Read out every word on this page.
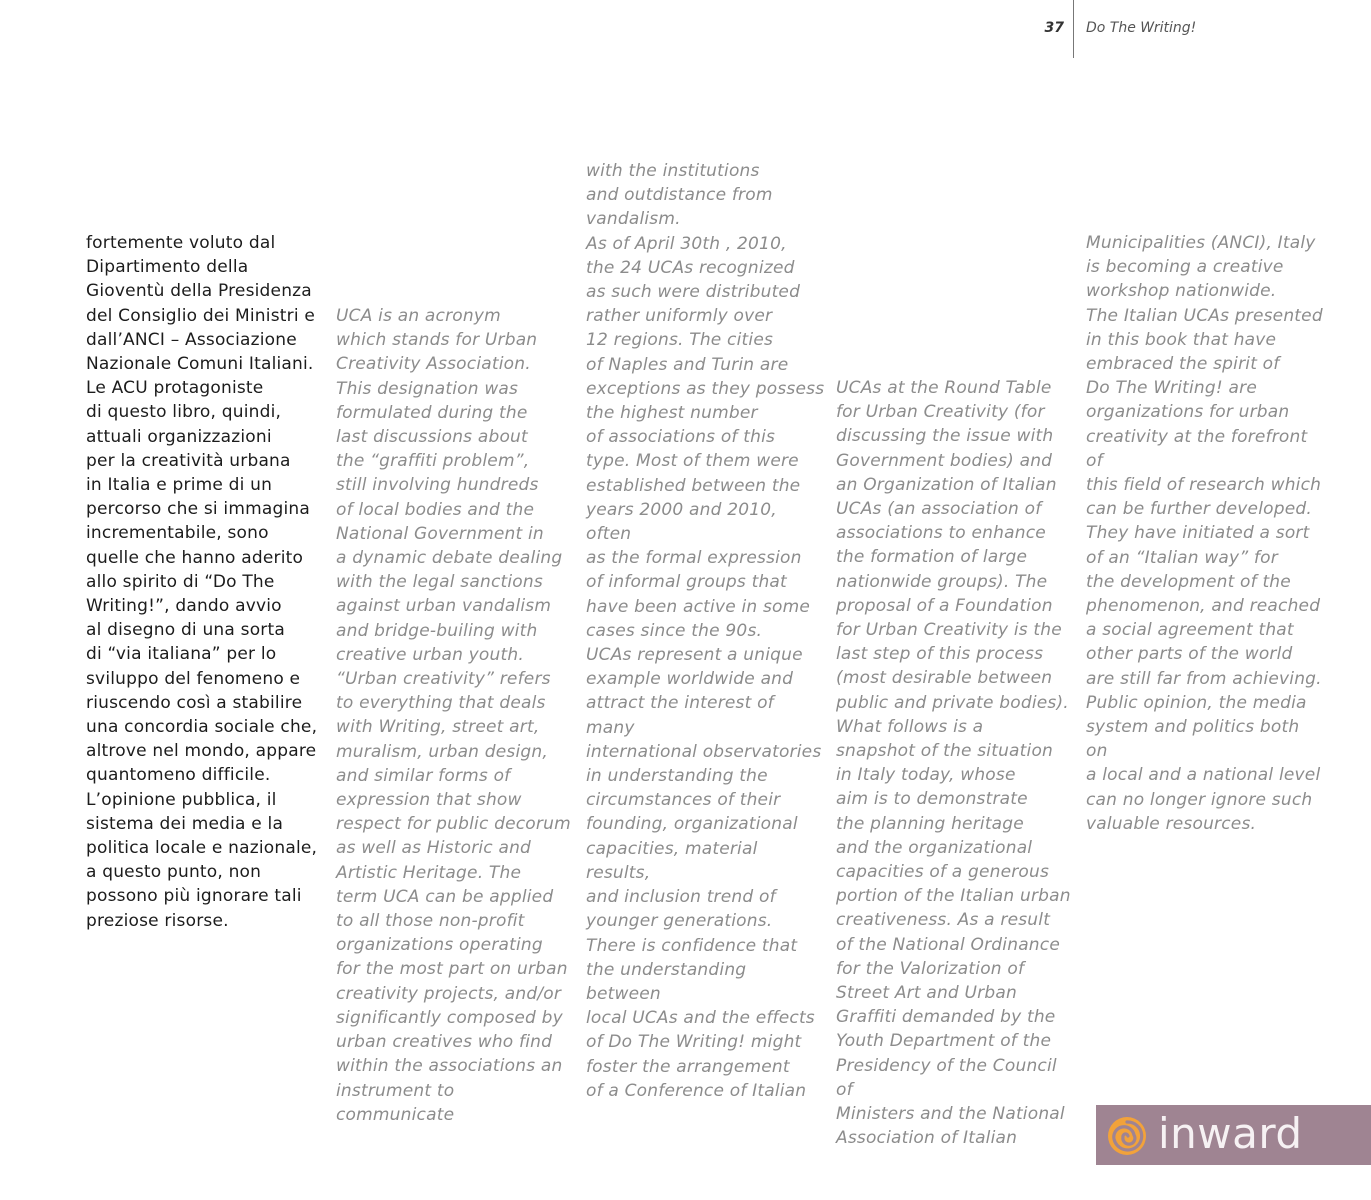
37 Do The Writing!

fortemente voluto dal
Dipartimento della
Gioventù della Presidenza
del Consiglio dei Ministri e
dall’ANCI – Associazione
Nazionale Comuni Italiani.
Le ACU protagoniste
di questo libro, quindi,
attuali organizzazioni
per la creatività urbana
in Italia e prime di un
percorso che si immagina
incrementabile, sono
quelle che hanno aderito
allo spirito di “Do The
Writing!”, dando avvio
al disegno di una sorta
di “via italiana” per lo
sviluppo del fenomeno e
riuscendo così a stabilire
una concordia sociale che,
altrove nel mondo, appare
quantomeno difficile.
L’opinione pubblica, il
sistema dei media e la
politica locale e nazionale,
a questo punto, non
possono più ignorare tali
preziose risorse.

UCA is an acronym
which stands for Urban
Creativity Association.
This designation was
formulated during the
last discussions about
the “graffiti problem”,
still involving hundreds
of local bodies and the
National Government in
a dynamic debate dealing
with the legal sanctions
against urban vandalism
and bridge-builing with
creative urban youth.
“Urban creativity” refers
to everything that deals
with Writing, street art,
muralism, urban design,
and similar forms of
expression that show
respect for public decorum
as well as Historic and
Artistic Heritage. The
term UCA can be applied
to all those non-profit
organizations operating
for the most part on urban
creativity projects, and/or
significantly composed by
urban creatives who find
within the associations an
instrument to communicate

with the institutions
and outdistance from
vandalism.
As of April 30th , 2010,
the 24 UCAs recognized
as such were distributed
rather uniformly over
12 regions. The cities
of Naples and Turin are
exceptions as they possess
the highest number
of associations of this
type. Most of them were
established between the
years 2000 and 2010, often
as the formal expression
of informal groups that
have been active in some
cases since the 90s.
UCAs represent a unique
example worldwide and
attract the interest of many
international observatories
in understanding the
circumstances of their
founding, organizational
capacities, material results,
and inclusion trend of
younger generations.
There is confidence that
the understanding between
local UCAs and the effects
of Do The Writing! might
foster the arrangement
of a Conference of Italian

UCAs at the Round Table
for Urban Creativity (for
discussing the issue with
Government bodies) and
an Organization of Italian
UCAs (an association of
associations to enhance
the formation of large
nationwide groups). The
proposal of a Foundation
for Urban Creativity is the
last step of this process
(most desirable between
public and private bodies).
What follows is a
snapshot of the situation
in Italy today, whose
aim is to demonstrate
the planning heritage
and the organizational
capacities of a generous
portion of the Italian urban
creativeness. As a result
of the National Ordinance
for the Valorization of
Street Art and Urban
Graffiti demanded by the
Youth Department of the
Presidency of the Council of
Ministers and the National
Association of Italian

Municipalities (ANCI), Italy
is becoming a creative
workshop nationwide.
The Italian UCAs presented
in this book that have
embraced the spirit of
Do The Writing! are
organizations for urban
creativity at the forefront of
this field of research which
can be further developed.
They have initiated a sort
of an “Italian way” for
the development of the
phenomenon, and reached
a social agreement that
other parts of the world
are still far from achieving.
Public opinion, the media
system and politics both on
a local and a national level
can no longer ignore such
valuable resources.

inward
